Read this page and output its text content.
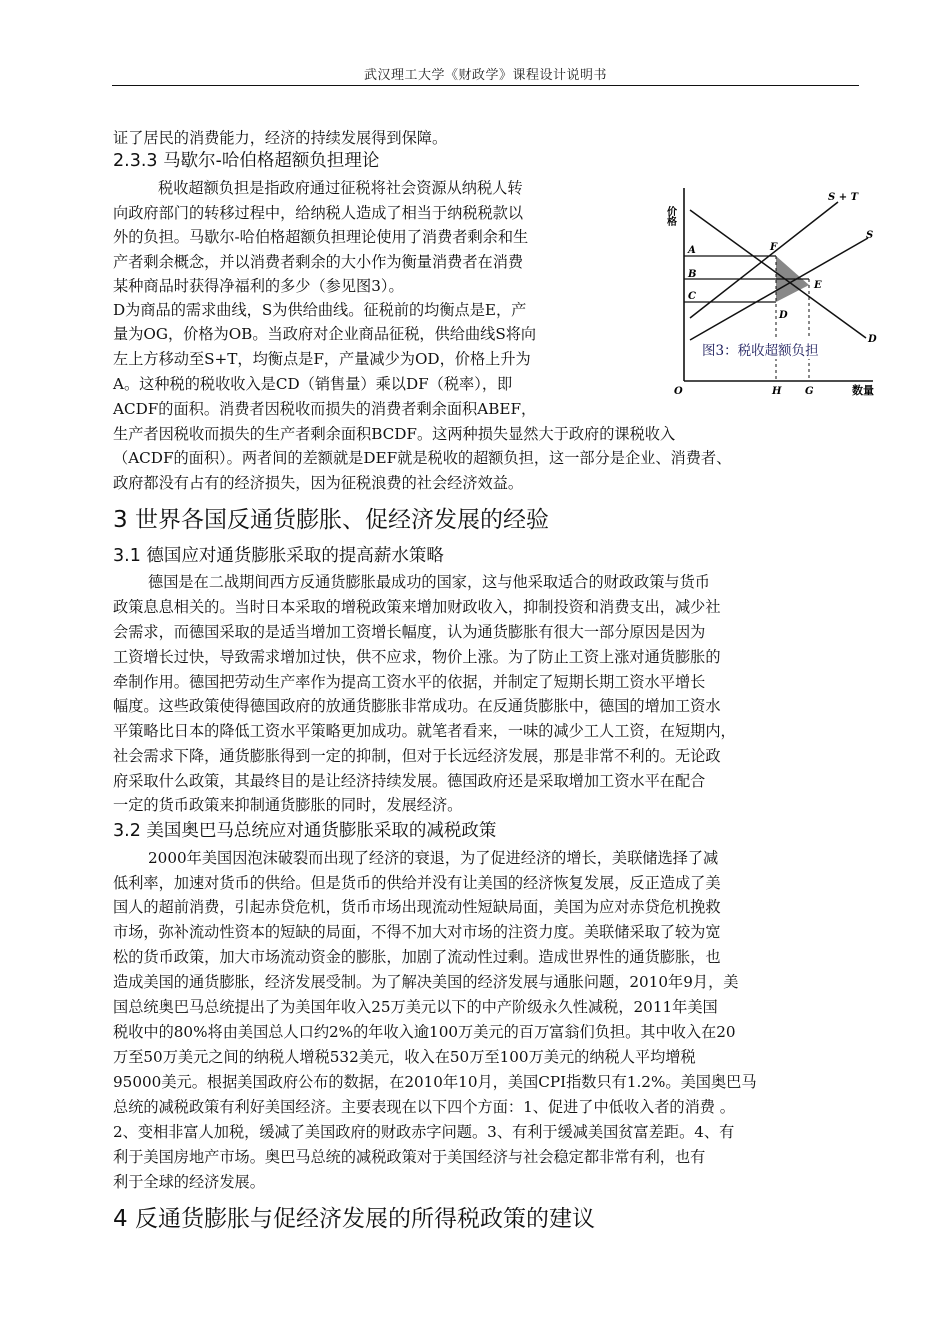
武汉理工大学《财政学》课程设计说明书
证了居民的消费能力，经济的持续发展得到保障。
2.3.3 马歇尔-哈伯格超额负担理论
税收超额负担是指政府通过征税将社会资源从纳税人转
向政府部门的转移过程中，给纳税人造成了相当于纳税税款以
外的负担。马歇尔-哈伯格超额负担理论使用了消费者剩余和生
产者剩余概念，并以消费者剩余的大小作为衡量消费者在消费
某种商品时获得净福利的多少（参见图3）。
D为商品的需求曲线，S为供给曲线。征税前的均衡点是E，产
量为OG，价格为OB。当政府对企业商品征税，供给曲线S将向
左上方移动至S+T，均衡点是F，产量减少为OD，价格上升为
A。这种税的税收收入是CD（销售量）乘以DF（税率），即
ACDF的面积。消费者因税收而损失的消费者剩余面积ABEF，
生产者因税收而损失的生产者剩余面积BCDF。这两种损失显然大于政府的课税收入
（ACDF的面积）。两者间的差额就是DEF就是税收的超额负担，这一部分是企业、消费者、
政府都没有占有的经济损失，因为征税浪费的社会经济效益。
价格
数量
O
S + T
S
D
A
B
C
F
E
D
H G
图3：税收超额负担
3 世界各国反通货膨胀、促经济发展的经验
3.1 德国应对通货膨胀采取的提高薪水策略
德国是在二战期间西方反通货膨胀最成功的国家，这与他采取适合的财政政策与货币
政策息息相关的。当时日本采取的增税政策来增加财政收入，抑制投资和消费支出，减少社
会需求，而德国采取的是适当增加工资增长幅度，认为通货膨胀有很大一部分原因是因为
工资增长过快，导致需求增加过快，供不应求，物价上涨。为了防止工资上涨对通货膨胀的
牵制作用。德国把劳动生产率作为提高工资水平的依据，并制定了短期长期工资水平增长
幅度。这些政策使得德国政府的放通货膨胀非常成功。在反通货膨胀中，德国的增加工资水
平策略比日本的降低工资水平策略更加成功。就笔者看来，一味的减少工人工资，在短期内，
社会需求下降，通货膨胀得到一定的抑制，但对于长远经济发展，那是非常不利的。无论政
府采取什么政策，其最终目的是让经济持续发展。德国政府还是采取增加工资水平在配合
一定的货币政策来抑制通货膨胀的同时，发展经济。
3.2 美国奥巴马总统应对通货膨胀采取的减税政策
2000年美国因泡沫破裂而出现了经济的衰退，为了促进经济的增长，美联储选择了减
低利率，加速对货币的供给。但是货币的供给并没有让美国的经济恢复发展，反正造成了美
国人的超前消费，引起赤贷危机，货币市场出现流动性短缺局面，美国为应对赤贷危机挽救
市场，弥补流动性资本的短缺的局面，不得不加大对市场的注资力度。美联储采取了较为宽
松的货币政策，加大市场流动资金的膨胀，加剧了流动性过剩。造成世界性的通货膨胀，也
造成美国的通货膨胀，经济发展受制。为了解决美国的经济发展与通胀问题，2010年9月，美
国总统奥巴马总统提出了为美国年收入25万美元以下的中产阶级永久性减税，2011年美国
税收中的80%将由美国总人口约2%的年收入逾100万美元的百万富翁们负担。其中收入在20
万至50万美元之间的纳税人增税532美元，收入在50万至100万美元的纳税人平均增税
95000美元。根据美国政府公布的数据，在2010年10月，美国CPI指数只有1.2%。美国奥巴马
总统的减税政策有利好美国经济。主要表现在以下四个方面：1、促进了中低收入者的消费 。
2、变相非富人加税，缓减了美国政府的财政赤字问题。3、有利于缓减美国贫富差距。4、有
利于美国房地产市场。奥巴马总统的减税政策对于美国经济与社会稳定都非常有利，也有
利于全球的经济发展。
4 反通货膨胀与促经济发展的所得税政策的建议
